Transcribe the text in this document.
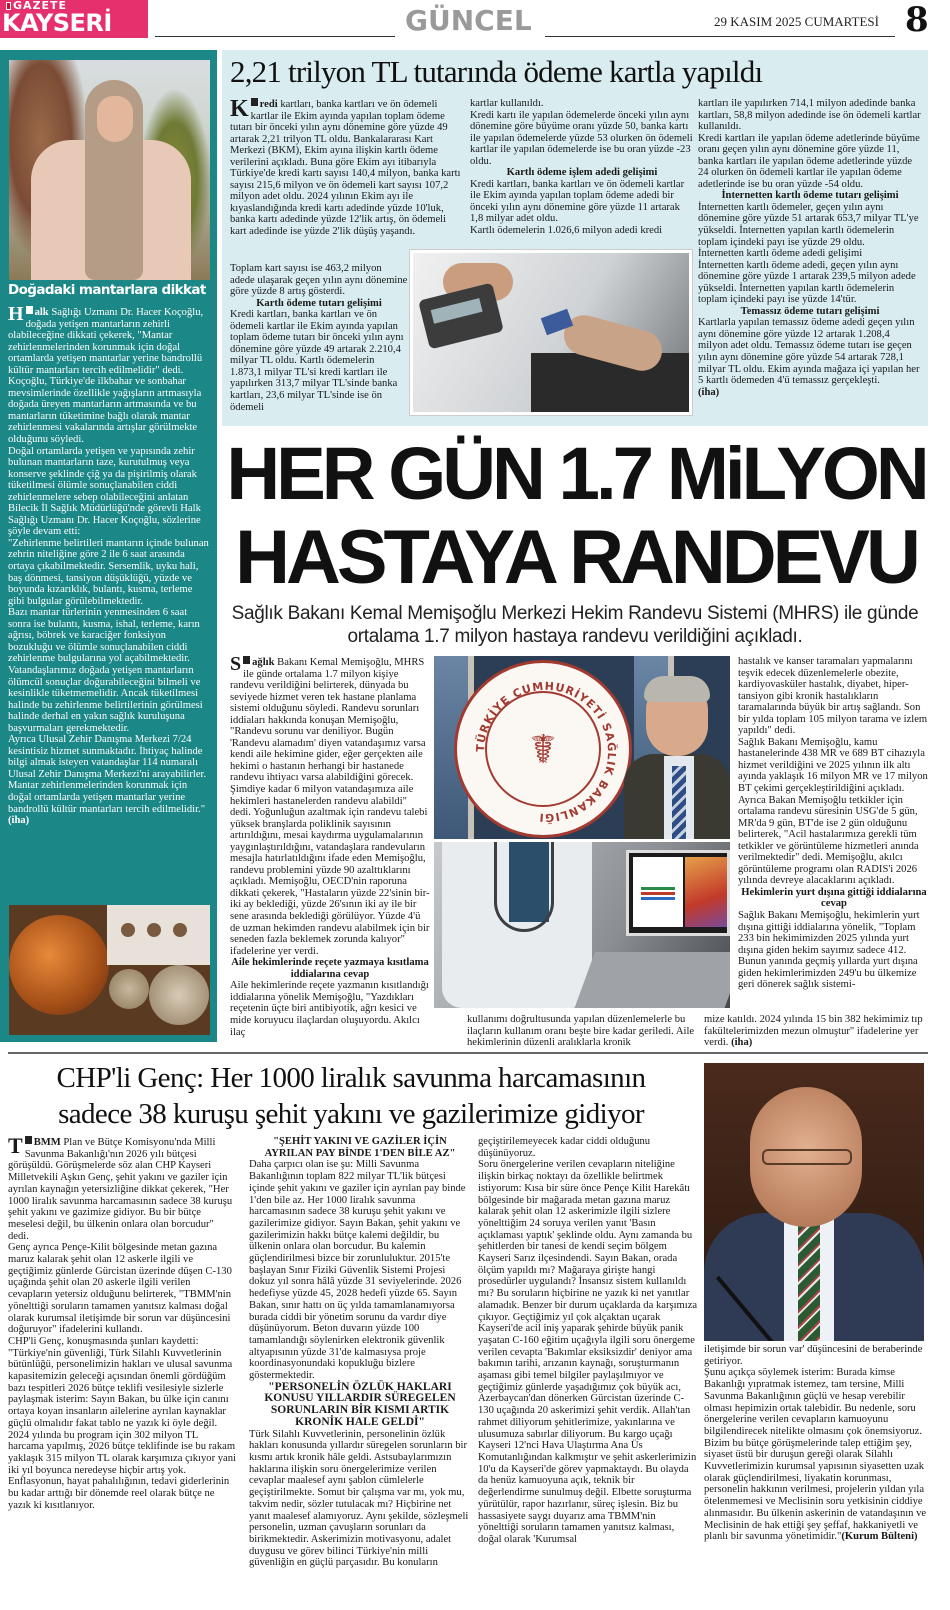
GAZETE
KAYSERİ	GÜNCEL	29 KASIM 2025 CUMARTESİ 8
Doğadaki mantarlara dikkat

H alk Sağlığı Uzmanı Dr. Hacer Koçoğlu, doğada yetişen mantarların zehirli olabileceğine dikkati çekerek, "Mantar zehirlenmelerinden korunmak için doğal ortamlarda yetişen mantarlar yerine bandrollü kültür mantarları tercih edilmelidir" dedi.

Koçoğlu, Türkiye'de ilkbahar ve sonbahar mevsimlerinde özellikle yağışların artmasıyla doğada üreyen mantarların artmasında ve bu mantarların tüketimine bağlı olarak mantar zehirlenmesi vakalarında artışlar görülmekte olduğunu söyledi.

Doğal ortamlarda yetişen ve yapısında zehir bulunan mantarların taze, kurutulmuş veya konserve şeklinde çiğ ya da pişirilmiş olarak tüketilmesi ölümle sonuçlanabilen ciddi zehirlenmelere sebep olabileceğini anlatan Bilecik İl Sağlık Müdürlüğü'nde görevli Halk Sağlığı Uzmanı Dr. Hacer Koçoğlu, sözlerine şöyle devam etti:

"Zehirlenme belirtileri mantarın içinde bulunan zehrin niteliğine göre 2 ile 6 saat arasında ortaya çıkabilmektedir. Sersemlik, uyku hali, baş dönmesi, tansiyon düşüklüğü, yüzde ve boyunda kızarıklık, bulantı, kusma, terleme gibi bulgular görülebilmektedir.

Bazı mantar türlerinin yenmesinden 6 saat sonra ise bulantı, kusma, ishal, terleme, karın ağrısı, böbrek ve karaciğer fonksiyon bozukluğu ve ölümle sonuçlanabilen ciddi zehirlenme bulgularına yol açabilmektedir.

Vatandaşlarımız doğada yetişen mantarların ölümcül sonuçlar doğurabileceğini bilmeli ve kesinlikle tüketmemelidir. Ancak tüketilmesi halinde bu zehirlenme belirtilerinin görülmesi halinde derhal en yakın sağlık kuruluşuna başvurmaları gerekmektedir.

Ayrıca Ulusal Zehir Danışma Merkezi 7/24 kesintisiz hizmet sunmaktadır. İhtiyaç halinde bilgi almak isteyen vatandaşlar 114 numaralı Ulusal Zehir Danışma Merkezi'ni arayabilirler.

Mantar zehirlenmelerinden korunmak için doğal ortamlarda yetişen mantarlar yerine bandrollü kültür mantarları tercih edilmelidir." (iha)

2,21 trilyon TL tutarında ödeme kartla yapıldı

K redi kartları, banka kartları ve ön ödemeli kartlar ile Ekim ayında yapılan toplam ödeme tutarı bir önceki yılın aynı dönemine göre yüzde 49 artarak 2,21 trilyon TL oldu. Bankalararası Kart Merkezi (BKM), Ekim ayına ilişkin kartlı ödeme verilerini açıkladı. Buna göre Ekim ayı itibarıyla Türkiye'de kredi kartı sayısı 140,4 milyon, banka kartı sayısı 215,6 milyon ve ön ödemeli kart sayısı 107,2 milyon adet oldu. 2024 yılının Ekim ayı ile kıyaslandığında kredi kartı adedinde yüzde 10'luk, banka kartı adedinde yüzde 12'lik artış, ön ödemeli kart adedinde ise yüzde 2'lik düşüş yaşandı.

Toplam kart sayısı ise 463,2 milyon adede ulaşarak geçen yılın aynı dönemine göre yüzde 8 artış gösterdi.

Kartlı ödeme tutarı gelişimi

Kredi kartları, banka kartları ve ön ödemeli kartlar ile Ekim ayında yapılan toplam ödeme tutarı bir önceki yılın aynı dönemine göre yüzde 49 artarak 2.210,4 milyar TL oldu. Kartlı ödemelerin 1.873,1 milyar TL'si kredi kartları ile yapılırken 313,7 milyar TL'sinde banka kartları, 23,6 milyar TL'sinde ise ön ödemeli

kartlar kullanıldı.

Kredi kartı ile yapılan ödemelerde önceki yılın aynı dönemine göre büyüme oranı yüzde 50, banka kartı ile yapılan ödemelerde yüzde 53 olurken ön ödemeli kartlar ile yapılan ödemelerde ise bu oran yüzde -23 oldu.

Kartlı ödeme işlem adedi gelişimi

Kredi kartları, banka kartları ve ön ödemeli kartlar ile Ekim ayında yapılan toplam ödeme adedi bir önceki yılın aynı dönemine göre yüzde 11 artarak 1,8 milyar adet oldu.

Kartlı ödemelerin 1.026,6 milyon adedi kredi

kartları ile yapılırken 714,1 milyon adedinde banka kartları, 58,8 milyon adedinde ise ön ödemeli kartlar kullanıldı.

Kredi kartları ile yapılan ödeme adetlerinde büyüme oranı geçen yılın aynı dönemine göre yüzde 11, banka kartları ile yapılan ödeme adetlerinde yüzde 24 olurken ön ödemeli kartlar ile yapılan ödeme adetlerinde ise bu oran yüzde -54 oldu.

İnternetten kartlı ödeme tutarı gelişimi

İnternetten kartlı ödemeler, geçen yılın aynı dönemine göre yüzde 51 artarak 653,7 milyar TL'ye yükseldi. İnternetten yapılan kartlı ödemelerin toplam içindeki payı ise yüzde 29 oldu.

İnternetten kartlı ödeme adedi gelişimi

İnternetten kartlı ödeme adedi, geçen yılın aynı dönemine göre yüzde 1 artarak 239,5 milyon adede yükseldi. İnternetten yapılan kartlı ödemelerin toplam içindeki payı ise yüzde 14'tür.

Temassız ödeme tutarı gelişimi

Kartlarla yapılan temassız ödeme adedi geçen yılın aynı dönemine göre yüzde 12 artarak 1.208,4 milyon adet oldu. Temassız ödeme tutarı ise geçen yılın aynı dönemine göre yüzde 54 artarak 728,1 milyar TL oldu. Ekim ayında mağaza içi yapılan her 5 kartlı ödemeden 4'ü temassız gerçekleşti.

(iha)
HER GÜN 1.7 MiLYON
HASTAYA RANDEVU
Sağlık Bakanı Kemal Memişoğlu Merkezi Hekim Randevu Sistemi (MHRS) ile günde ortalama 1.7 milyon hastaya randevu verildiğini açıkladı.

S ağlık Bakanı Kemal Memişoğlu, MHRS ile günde ortalama 1.7 milyon kişiye randevu verildiğini belirterek, dünyada bu seviyede hizmet veren tek hastane planlama sistemi olduğunu söyledi. Randevu sorunları iddiaları hakkında konuşan Memişoğlu, "Randevu sorunu var deniliyor. Bugün 'Randevu alamadım' diyen vatandaşımız varsa kendi aile hekimine gider, eğer gerçekten aile hekimi o hastanın herhangi bir hastanede randevu ihtiyacı varsa alabildiğini görecek. Şimdiye kadar 6 milyon vatandaşımıza aile hekimleri hastanelerden randevu alabildi" dedi. Yoğunluğun azaltmak için randevu talebi yüksek branşlarda poliklinik sayısının artırıldığını, mesai kaydırma uygulamalarının yaygınlaştırıldığını, vatandaşlara randevuların mesajla hatırlatıldığını ifade eden Memişoğlu, randevu problemini yüzde 90 azalttıklarını açıkladı. Memişoğlu, OECD'nin raporuna dikkati çekerek, "Hastaların yüzde 22'sinin bir-iki ay beklediği, yüzde 26'sının iki ay ile bir sene arasında beklediği görülüyor. Yüzde 4'ü de uzman hekimden randevu alabilmek için bir seneden fazla beklemek zorunda kalıyor" ifadelerine yer verdi.

Aile hekimlerinde reçete yazmaya kısıtlama iddialarına cevap

Aile hekimlerinde reçete yazmanın kısıtlandığı iddialarına yönelik Memişoğlu, "Yazdıkları reçetenin üçte biri antibiyotik, ağrı kesici ve mide koruyucu ilaçlardan oluşuyordu. Akılcı ilaç

TÜRKİYE CUMHURİYETİ SAĞLIK BAKANLIĞI
☤

hastalık ve kanser taramaları yapmalarını teşvik edecek düzenlemelerle obezite, kardiyovasküler hastalık, diyabet, hiper-tansiyon gibi kronik hastalıkların taramalarında büyük bir artış sağlandı. Son bir yılda toplam 105 milyon tarama ve izlem yapıldı" dedi.

Sağlık Bakanı Memişoğlu, kamu hastanelerinde 438 MR ve 689 BT cihazıyla hizmet verildiğini ve 2025 yılının ilk altı ayında yaklaşık 16 milyon MR ve 17 milyon BT çekimi gerçekleştirildiğini açıkladı. Ayrıca Bakan Memişoğlu tetkikler için ortalama randevu süresinin USG'de 5 gün, MR'da 9 gün, BT'de ise 2 gün olduğunu belirterek, "Acil hastalarımıza gerekli tüm tetkikler ve görüntüleme hizmetleri anında verilmektedir" dedi. Memişoğlu, akılcı görüntüleme programı olan RADIS'i 2026 yılında devreye alacaklarını açıkladı.

Hekimlerin yurt dışına gittiği iddialarına cevap

Sağlık Bakanı Memişoğlu, hekimlerin yurt dışına gittiği iddialarına yönelik, "Toplam 233 bin hekimimizden 2025 yılında yurt dışına giden hekim sayımız sadece 412.

Bunun yanında geçmiş yıllarda yurt dışına giden hekimlerimizden 249'u bu ülkemize geri dönerek sağlık sistemi-

kullanımı doğrultusunda yapılan düzenlemelerle bu ilaçların kullanım oranı beşte bire kadar geriledi. Aile hekimlerinin düzenli aralıklarla kronik

mize katıldı. 2024 yılında 15 bin 382 hekimimiz tıp fakültelerimizden mezun olmuştur" ifadelerine yer verdi. (iha)

CHP'li Genç: Her 1000 liralık savunma harcamasının
sadece 38 kuruşu şehit yakını ve gazilerimize gidiyor

T BMM Plan ve Bütçe Komisyonu'nda Milli Savunma Bakanlığı'nın 2026 yılı bütçesi görüşüldü. Görüşmelerde söz alan CHP Kayseri Milletvekili Aşkın Genç, şehit yakını ve gaziler için ayrılan kaynağın yetersizliğine dikkat çekerek, "Her 1000 liralık savunma harcamasının sadece 38 kuruşu şehit yakını ve gazimize gidiyor. Bu bir bütçe meselesi değil, bu ülkenin onlara olan borcudur" dedi.

Genç ayrıca Pençe-Kilit bölgesinde metan gazına maruz kalarak şehit olan 12 askerle ilgili ve geçtiğimiz günlerde Gürcistan üzerinde düşen C-130 uçağında şehit olan 20 askerle ilgili verilen cevapların yetersiz olduğunu belirterek, "TBMM'nin yönelttiği soruların tamamen yanıtsız kalması doğal olarak kurumsal iletişimde bir sorun var düşüncesini doğuruyor" ifadelerini kullandı.

CHP'li Genç, konuşmasında şunları kaydetti: "Türkiye'nin güvenliği, Türk Silahlı Kuvvetlerinin bütünlüğü, personelimizin hakları ve ulusal savunma kapasitemizin geleceği açısından önemli gördüğüm bazı tespitleri 2026 bütçe teklifi vesilesiyle sizlerle paylaşmak isterim: Sayın Bakan, bu ülke için canını ortaya koyan insanların ailelerine ayrılan kaynaklar güçlü olmalıdır fakat tablo ne yazık ki öyle değil. 2024 yılında bu program için 302 milyon TL harcama yapılmış, 2026 bütçe teklifinde ise bu rakam yaklaşık 315 milyon TL olarak karşımıza çıkıyor yani iki yıl boyunca neredeyse hiçbir artış yok. Enflasyonun, hayat pahalılığının, tedavi giderlerinin bu kadar arttığı bir dönemde reel olarak bütçe ne yazık ki kısıtlanıyor.

"ŞEHİT YAKINI VE GAZİLER İÇİN AYRILAN PAY BİNDE 1'DEN BİLE AZ"

Daha çarpıcı olan ise şu: Milli Savunma Bakanlığının toplam 822 milyar TL'lik bütçesi içinde şehit yakını ve gaziler için ayrılan pay binde 1'den bile az. Her 1000 liralık savunma harcamasının sadece 38 kuruşu şehit yakını ve gazilerimize gidiyor. Sayın Bakan, şehit yakını ve gazilerimizin hakkı bütçe kalemi değildir, bu ülkenin onlara olan borcudur. Bu kalemin güçlendirilmesi bizce bir zorunluluktur. 2015'te başlayan Sınır Fiziki Güvenlik Sistemi Projesi dokuz yıl sonra hâlâ yüzde 31 seviyelerinde. 2026 hedefiyse yüzde 45, 2028 hedefi yüzde 65. Sayın Bakan, sınır hattı on üç yılda tamamlanamıyorsa burada ciddi bir yönetim sorunu da vardır diye düşünüyorum. Beton duvarın yüzde 100 tamamlandığı söylenirken elektronik güvenlik altyapısının yüzde 31'de kalmasıysa proje koordinasyonundaki kopukluğu bizlere göstermektedir.

"PERSONELİN ÖZLÜK HAKLARI KONUSU YILLARDIR SÜREGELEN SORUNLARIN BİR KISMI ARTIK KRONİK HALE GELDİ"

Türk Silahlı Kuvvetlerinin, personelinin özlük hakları konusunda yıllardır süregelen sorunların bir kısmı artık kronik hâle geldi. Astsubaylarımızın haklarına ilişkin soru önergelerimize verilen cevaplar maalesef aynı şablon cümlelerle geçiştirilmekte. Somut bir çalışma var mı, yok mu, takvim nedir, sözler tutulacak mı? Hiçbirine net yanıt maalesef alamıyoruz. Aynı şekilde, sözleşmeli personelin, uzman çavuşların sorunları da birikmektedir. Askerimizin motivasyonu, adalet duygusu ve görev bilinci Türkiye'nin milli güvenliğin en güçlü parçasıdır. Bu konuların

geçiştirilemeyecek kadar ciddi olduğunu düşünüyoruz.

Soru önergelerine verilen cevapların niteliğine ilişkin birkaç noktayı da özellikle belirtmek istiyorum: Kısa bir süre önce Pençe Kilit Harekâtı bölgesinde bir mağarada metan gazına maruz kalarak şehit olan 12 askerimizle ilgili sizlere yönelttiğim 24 soruya verilen yanıt 'Basın açıklaması yaptık' şeklinde oldu. Aynı zamanda bu şehitlerden bir tanesi de kendi seçim bölgem Kayseri Sarız ilçesindendi. Sayın Bakan, orada ölçüm yapıldı mı? Mağaraya girişte hangi prosedürler uygulandı? İnsansız sistem kullanıldı mı? Bu soruların hiçbirine ne yazık ki net yanıtlar alamadık. Benzer bir durum uçaklarda da karşımıza çıkıyor. Geçtiğimiz yıl çok alçaktan uçarak Kayseri'de acil iniş yaparak şehirde büyük panik yaşatan C-160 eğitim uçağıyla ilgili soru önergeme verilen cevapta 'Bakımlar eksiksizdir' deniyor ama bakımın tarihi, arızanın kaynağı, soruşturmanın aşaması gibi temel bilgiler paylaşılmıyor ve geçtiğimiz günlerde yaşadığımız çok büyük acı, Azerbaycan'dan dönerken Gürcistan üzerinde C-130 uçağında 20 askerimizi şehit verdik. Allah'tan rahmet diliyorum şehitlerimize, yakınlarına ve ulusumuza sabırlar diliyorum. Bu kargo uçağı Kayseri 12'nci Hava Ulaştırma Ana Üs Komutanlığından kalkmıştır ve şehit askerlerimizin 10'u da Kayseri'de görev yapmaktaydı. Bu olayda da henüz kamuoyuna açık, teknik bir değerlendirme sunulmuş değil. Elbette soruşturma yürütülür, rapor hazırlanır, süreç işlesin. Biz bu hassasiyete saygı duyarız ama TBMM'nin yönelttiği soruların tamamen yanıtsız kalması, doğal olarak 'Kurumsal

iletişimde bir sorun var' düşüncesini de beraberinde getiriyor.

Şunu açıkça söylemek isterim: Burada kimse Bakanlığı yıpratmak istemez, tam tersine, Milli Savunma Bakanlığının güçlü ve hesap verebilir olması hepimizin ortak talebidir. Bu nedenle, soru önergelerine verilen cevapların kamuoyunu bilgilendirecek nitelikte olmasını çok önemsiyoruz. Bizim bu bütçe görüşmelerinde talep ettiğim şey, siyaset üstü bir duruşun gereği olarak Silahlı Kuvvetlerimizin kurumsal yapısının siyasetten uzak olarak güçlendirilmesi, liyakatin korunması, personelin hakkının verilmesi, projelerin yıldan yıla ötelenmemesi ve Meclisinin soru yetkisinin ciddiye alınmasıdır. Bu ülkenin askerinin de vatandaşının ve Meclisinin de hak ettiği şey şeffaf, hakkaniyetli ve planlı bir savunma yönetimidir."(Kurum Bülteni)
